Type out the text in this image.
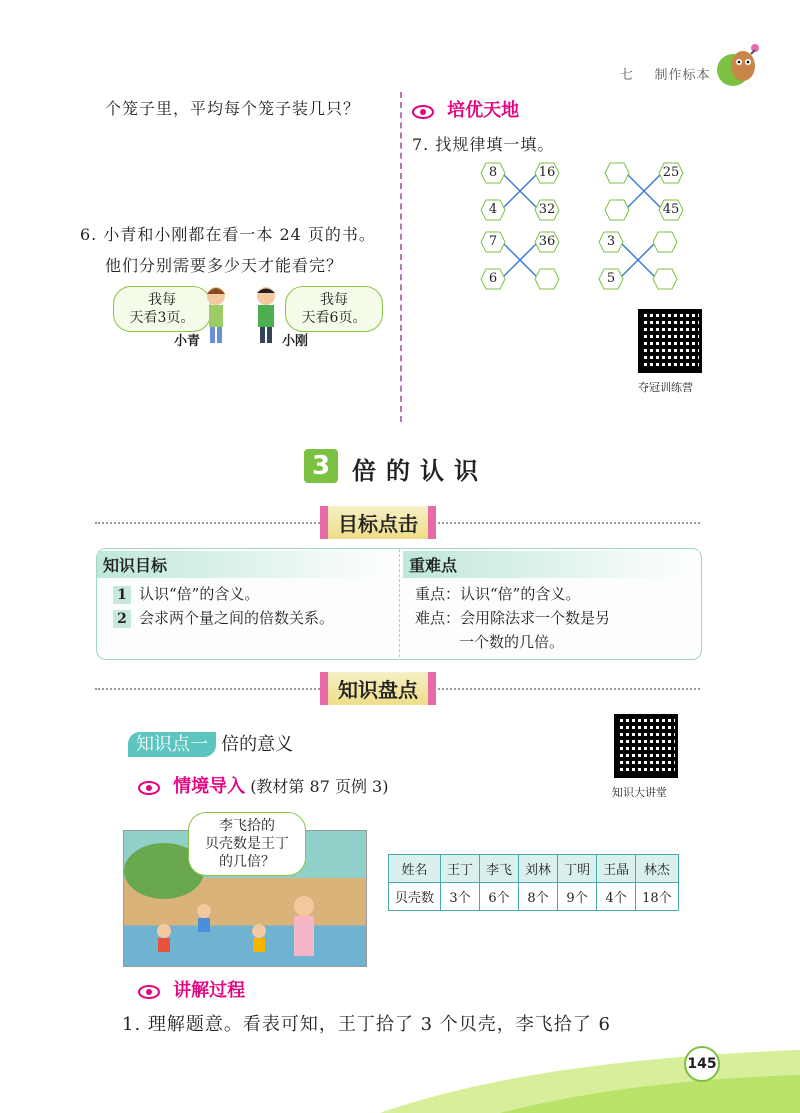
七 制作标本
个笼子里，平均每个笼子装几只？
6. 小青和小刚都在看一本 24 页的书。
他们分别需要多少天才能看完？
我每
天看3页。
我每
天看6页。
小青	小刚
培优天地
7. 找规律填一填。
8	16
4	32
25
45
7	36
6
3
5
夺冠训练营
3 倍的认识
目标点击
知识目标
1 认识“倍”的含义。
2 会求两个量之间的倍数关系。
重难点
重点：认识“倍”的含义。
难点：会用除法求一个数是另
一个数的几倍。
知识盘点
知识点一 倍的意义
知识大讲堂
情境导入 (教材第 87 页例 3)
李飞拾的
贝壳数是王丁
的几倍？
姓名	王丁	李飞	刘林	丁明	王晶	林杰
贝壳数	3个	6个	8个	9个	4个	18个
讲解过程
1. 理解题意。看表可知，王丁拾了 3 个贝壳，李飞拾了 6
145
